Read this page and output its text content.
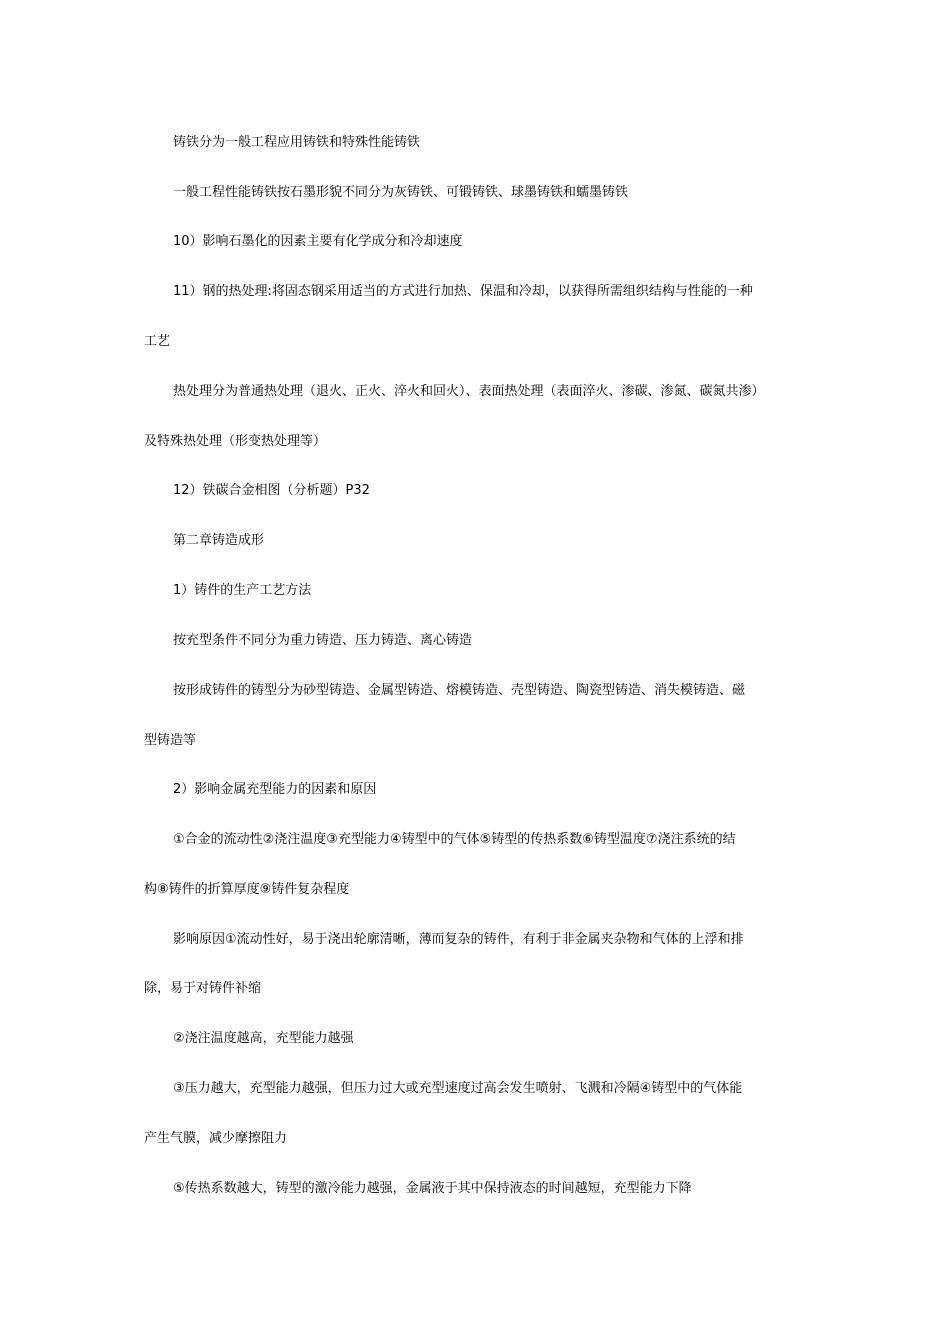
铸铁分为一般工程应用铸铁和特殊性能铸铁
一般工程性能铸铁按石墨形貌不同分为灰铸铁、可锻铸铁、球墨铸铁和蠕墨铸铁
10）影响石墨化的因素主要有化学成分和冷却速度
11）钢的热处理:将固态钢采用适当的方式进行加热、保温和冷却，以获得所需组织结构与性能的一种
工艺
热处理分为普通热处理（退火、正火、淬火和回火）、表面热处理（表面淬火、渗碳、渗氮、碳氮共渗）
及特殊热处理（形变热处理等）
12）铁碳合金相图（分析题）P32
第二章铸造成形
1）铸件的生产工艺方法
按充型条件不同分为重力铸造、压力铸造、离心铸造
按形成铸件的铸型分为砂型铸造、金属型铸造、熔模铸造、壳型铸造、陶瓷型铸造、消失模铸造、磁
型铸造等
2）影响金属充型能力的因素和原因
①合金的流动性②浇注温度③充型能力④铸型中的气体⑤铸型的传热系数⑥铸型温度⑦浇注系统的结
构⑧铸件的折算厚度⑨铸件复杂程度
影响原因①流动性好，易于浇出轮廓清晰，薄而复杂的铸件，有利于非金属夹杂物和气体的上浮和排
除，易于对铸件补缩
②浇注温度越高，充型能力越强
③压力越大，充型能力越强，但压力过大或充型速度过高会发生喷射、飞溅和冷隔④铸型中的气体能
产生气膜，减少摩擦阻力
⑤传热系数越大，铸型的激冷能力越强，金属液于其中保持液态的时间越短，充型能力下降
